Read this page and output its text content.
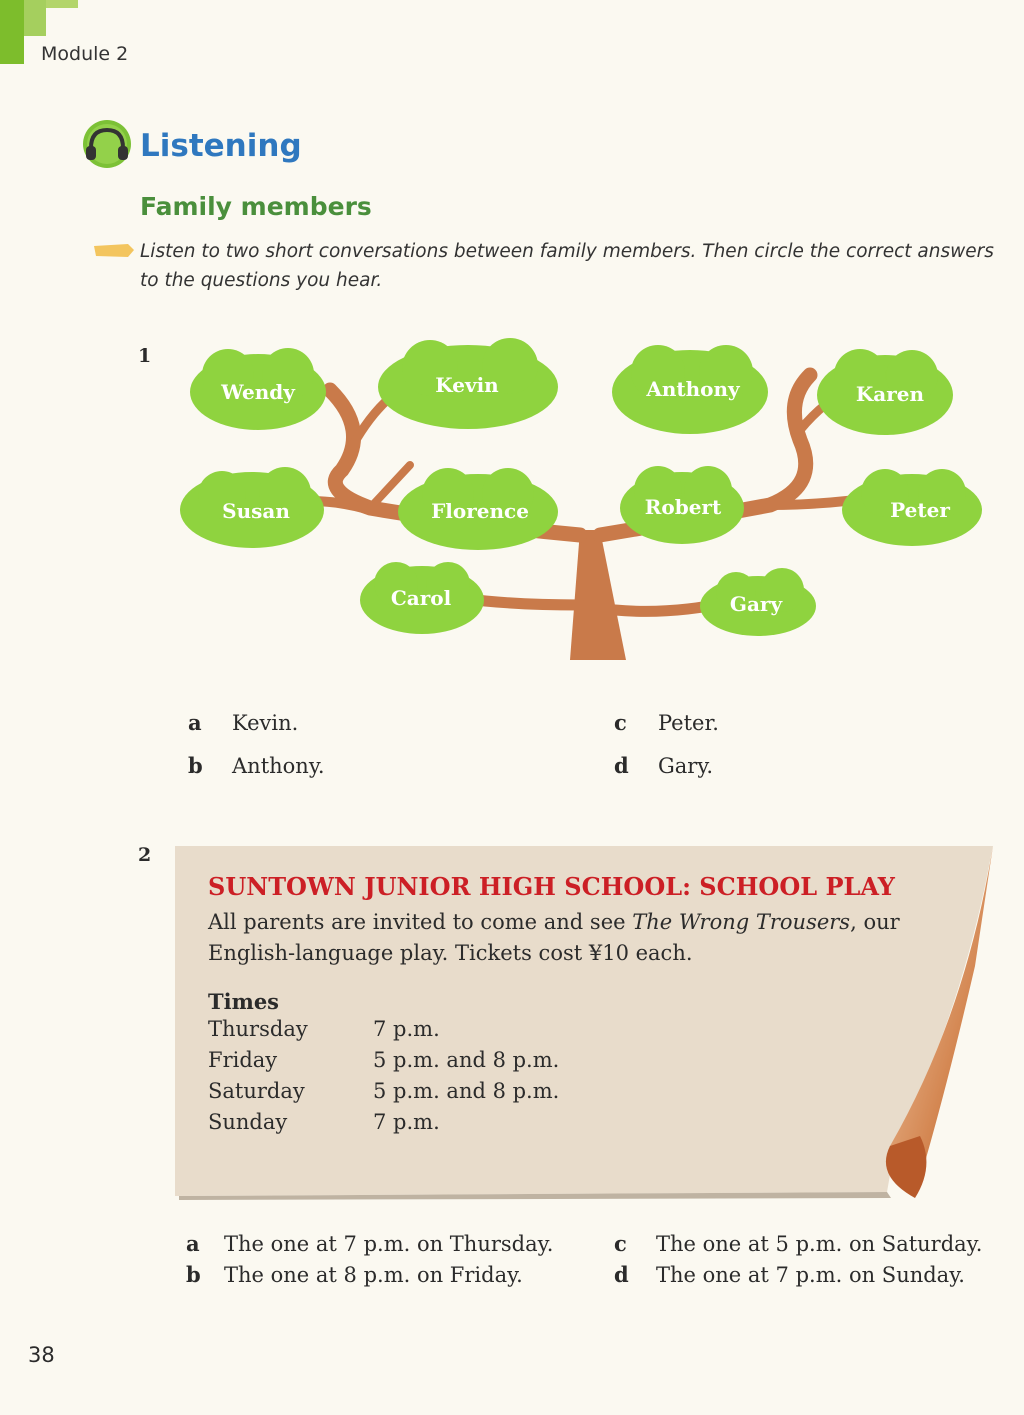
Module 2
Listening
Family members
Listen to two short conversations between family members. Then circle the correct answers to the questions you hear.
1
Wendy	Kevin	Anthony	Karen
Susan	Florence	Robert	Peter
Carol	Gary
a Kevin.
b Anthony.
c Peter.
d Gary.
2

SUNTOWN JUNIOR HIGH SCHOOL: SCHOOL PLAY

All parents are invited to come and see The Wrong Trousers, our English-language play. Tickets cost ¥10 each.

Times
Thursday	7 p.m.
Friday	5 p.m. and 8 p.m.
Saturday	5 p.m. and 8 p.m.
Sunday	7 p.m.
a The one at 7 p.m. on Thursday.
b The one at 8 p.m. on Friday.
c The one at 5 p.m. on Saturday.
d The one at 7 p.m. on Sunday.
38
